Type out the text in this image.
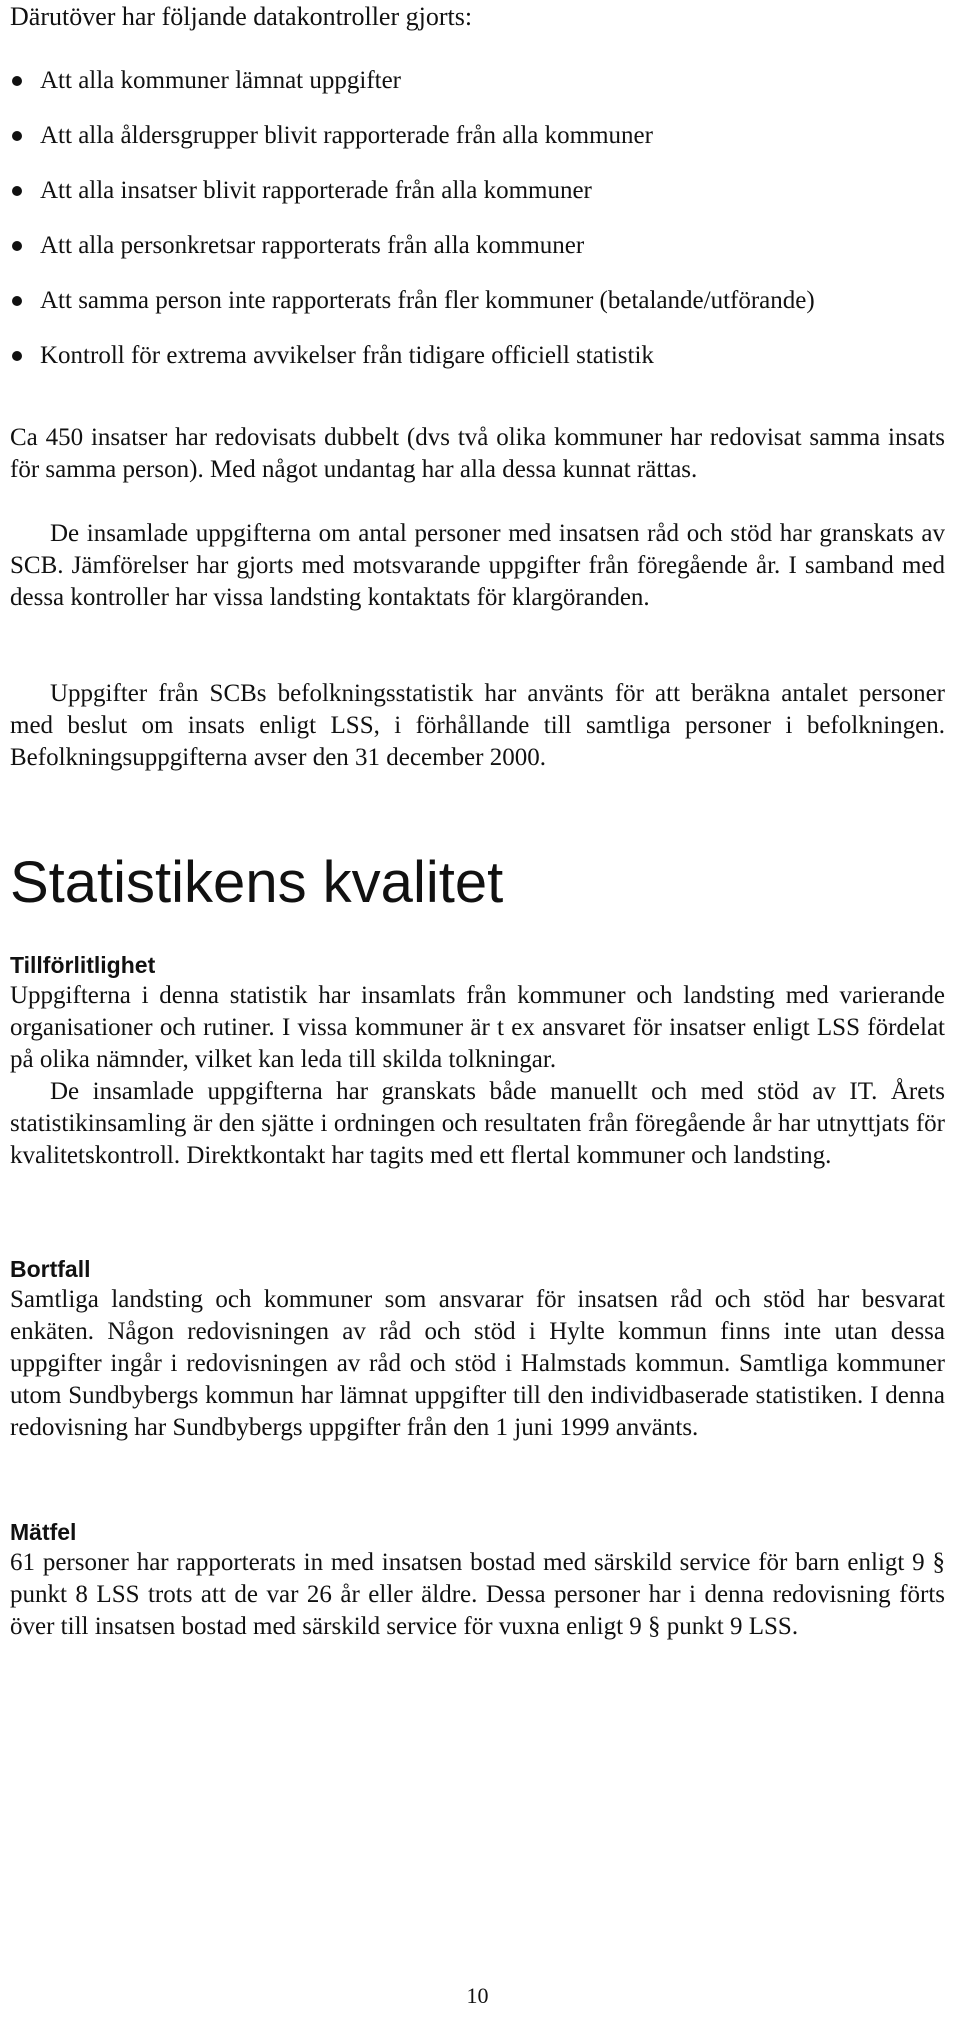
Därutöver har följande datakontroller gjorts:

Att alla kommuner lämnat uppgifter
Att alla åldersgrupper blivit rapporterade från alla kommuner
Att alla insatser blivit rapporterade från alla kommuner
Att alla personkretsar rapporterats från alla kommuner
Att samma person inte rapporterats från fler kommuner (betalande/utförande)
Kontroll för extrema avvikelser från tidigare officiell statistik

Ca 450 insatser har redovisats dubbelt (dvs två olika kommuner har redovisat samma insats för samma person). Med något undantag har alla dessa kunnat rättas.

De insamlade uppgifterna om antal personer med insatsen råd och stöd har granskats av SCB. Jämförelser har gjorts med motsvarande uppgifter från föregående år. I samband med dessa kontroller har vissa landsting kontaktats för klargöranden.

Uppgifter från SCBs befolkningsstatistik har använts för att beräkna antalet personer med beslut om insats enligt LSS, i förhållande till samtliga personer i befolkningen. Befolkningsuppgifterna avser den 31 december 2000.

Statistikens kvalitet
Tillförlitlighet

Uppgifterna i denna statistik har insamlats från kommuner och landsting med varierande organisationer och rutiner. I vissa kommuner är t ex ansvaret för insatser enligt LSS fördelat på olika nämnder, vilket kan leda till skilda tolkningar.

De insamlade uppgifterna har granskats både manuellt och med stöd av IT. Årets statistikinsamling är den sjätte i ordningen och resultaten från föregående år har utnyttjats för kvalitetskontroll. Direktkontakt har tagits med ett flertal kommuner och landsting.

Bortfall

Samtliga landsting och kommuner som ansvarar för insatsen råd och stöd har besvarat enkäten. Någon redovisningen av råd och stöd i Hylte kommun finns inte utan dessa uppgifter ingår i redovisningen av råd och stöd i Halmstads kommun. Samtliga kommuner utom Sundbybergs kommun har lämnat uppgifter till den individbaserade statistiken. I denna redovisning har Sundbybergs uppgifter från den 1 juni 1999 använts.

Mätfel

61 personer har rapporterats in med insatsen bostad med särskild service för barn enligt 9 § punkt 8 LSS trots att de var 26 år eller äldre. Dessa personer har i denna redovisning förts över till insatsen bostad med särskild service för vuxna enligt 9 § punkt 9 LSS.

10
